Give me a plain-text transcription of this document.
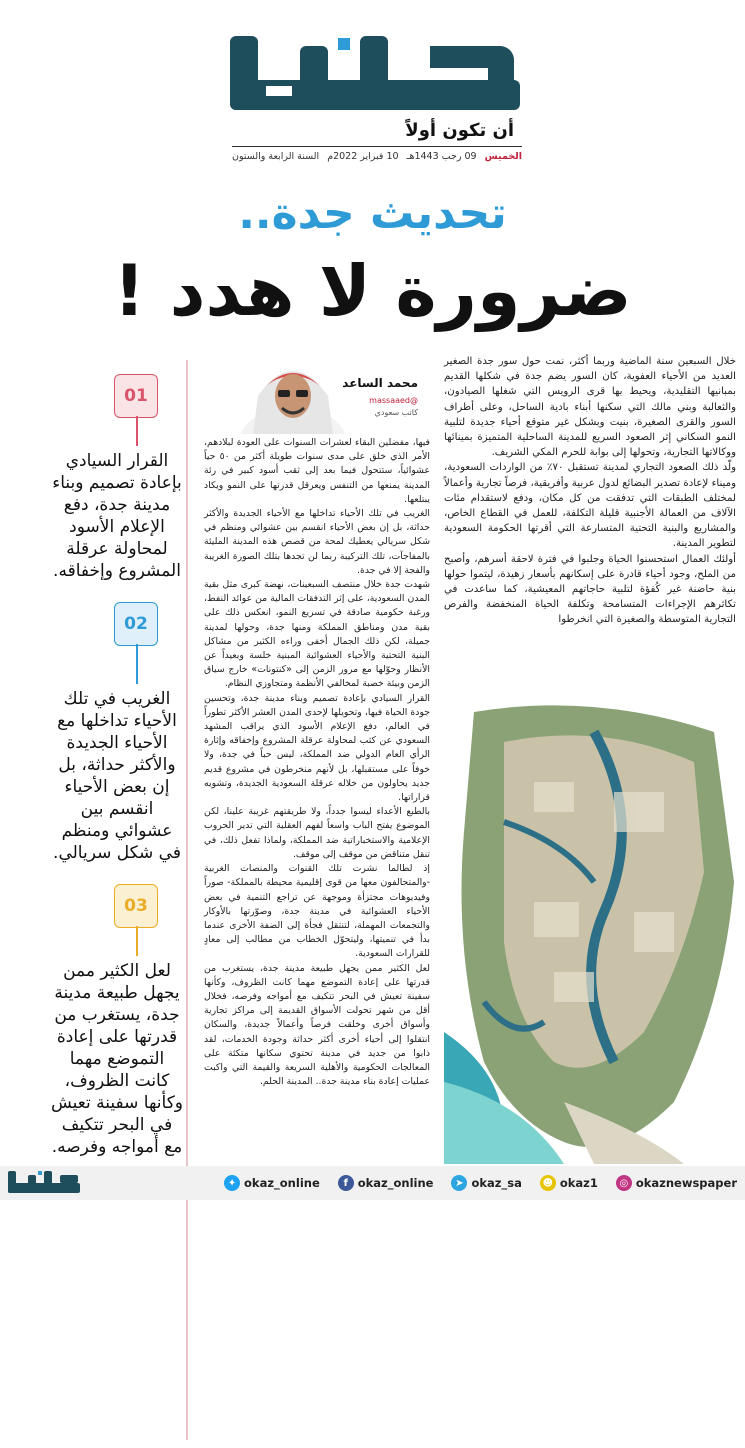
أن تكون أولاً
الخميس
09 رجب 1443هـ
10 فبراير 2022م
السنة الرابعة والستون
تحديث جدة..
ضرورة لا هدد !
محمد الساعد
@massaaed
كاتب سعودي
01
القرار السيادي بإعادة تصميم وبناء مدينة جدة، دفع الإعلام الأسود لمحاولة عرقلة المشروع وإخفاقه.
02
الغريب في تلك الأحياء تداخلها مع الأحياء الجديدة والأكثر حداثة، بل إن بعض الأحياء انقسم بين عشوائي ومنظم في شكل سريالي.
03
لعل الكثير ممن يجهل طبيعة مدينة جدة، يستغرب من قدرتها على إعادة التموضع مهما كانت الظروف، وكأنها سفينة تعيش في البحر تتكيف مع أمواجه وفرصه.

خلال السبعين سنة الماضية وربما أكثر، نمت حول سور جدة الصغير العديد من الأحياء العفوية، كان السور يضم جدة في شكلها القديم بمبانيها التقليدية، ويحيط بها قرى الرويس التي شغلها الصيادون، والثعالبة وبني مالك التي سكنها أبناء بادية الساحل، وعلى أطراف السور والقرى الصغيرة، بنيت وبشكل غير متوقع أحياء جديدة لتلبية النمو السكاني إثر الصعود السريع للمدينة الساحلية المتميزة بمينائها ووكالاتها التجارية، وتحولها إلى بوابة للحرم المكي الشريف.

ولّد ذلك الصعود التجاري لمدينة تستقبل ٧٠٪ من الواردات السعودية، وميناء لإعادة تصدير البضائع لدول عربية وأفريقية، فرصاً تجارية وأعمالاً لمختلف الطبقات التي تدفقت من كل مكان، ودفع لاستقدام مئات الآلاف من العمالة الأجنبية قليلة التكلفة، للعمل في القطاع الخاص، والمشاريع والبنية التحتية المتسارعة التي أقرتها الحكومة السعودية لتطوير المدينة.

أولئك العمال استحسنوا الحياة وجلبوا في فترة لاحقة أسرهم، وأصبح من الملح، وجود أحياء قادرة على إسكانهم بأسعار زهيدة، ليتموا حولها بنية حاضنة غير كُفؤة لتلبية حاجاتهم المعيشية، كما ساعدت في تكاثرهم الإجراءات المتسامحة وتكلفة الحياة المنخفضة والفرص التجارية المتوسطة والصغيرة التي انخرطوا

فيها، مفضلين البقاء لعشرات السنوات على العودة لبلادهم، الأمر الذي خلق على مدى سنوات طويلة أكثر من ٥٠ حياً عشوائياً، ستتحول فيما بعد إلى ثقب أسود كبير في رئة المدينة يمنعها من التنفس ويعرقل قدرتها على النمو ويكاد يبتلعها.

الغريب في تلك الأحياء تداخلها مع الأحياء الجديدة والأكثر حداثة، بل إن بعض الأحياء انقسم بين عشوائي ومنظم في شكل سريالي يعطيك لمحة من قصص هذه المدينة المليئة بالمفاجآت، تلك التركيبة ربما لن تجدها بتلك الصورة الغريبة والفجة إلا في جدة.

شهدت جدة خلال منتصف السبعينات، نهضة كبرى مثل بقية المدن السعودية، على إثر التدفقات المالية من عوائد النفط، ورغبة حكومية صادقة في تسريع النمو، انعكس ذلك على بقية مدن ومناطق المملكة ومنها جدة، وحولها لمدينة جميلة، لكن ذلك الجمال أخفى وراءه الكثير من مشاكل البنية التحتية والأحياء العشوائية المبنية خلسة وبعيداً عن الأنظار وحوّلها مع مرور الزمن إلى «كنتونات» خارج سياق الزمن وبيئة خصبة لمخالفي الأنظمة ومتجاوزي النظام.

القرار السيادي بإعادة تصميم وبناء مدينة جدة، وتحسين جودة الحياة فيها، وتحويلها لإحدى المدن العشر الأكثر تطوراً في العالم، دفع الإعلام الأسود الذي يراقب المشهد السعودي عن كثب لمحاولة عرقلة المشروع وإخفاقه وإثارة الرأي العام الدولي ضد المملكة، ليس حباً في جدة، ولا خوفاً على مستقبلها، بل لأنهم منخرطون في مشروع قديم جديد يحاولون من خلاله عرقلة السعودية الجديدة، وتشويه قراراتها.

بالطبع الأعداء ليسوا جدداً، ولا طريقتهم غريبة علينا، لكن الموضوع يفتح الباب واسعاً لفهم العقلية التي تدير الحروب الإعلامية والاستخباراتية ضد المملكة، ولماذا تفعل ذلك، في تنقل متناقض من موقف إلى موقف.

إذ لطالما نشرت تلك القنوات والمنصات الغربية -والمتحالفون معها من قوى إقليمية محيطة بالمملكة- صوراً وفيديوهات مجتزأة وموجهة عن تراجع التنمية في بعض الأحياء العشوائية في مدينة جدة، وصوّرتها بالأوكار والتجمعات المهملة، لتنتقل فجأة إلى الضفة الأخرى عندما بدأ في تنميتها، وليتحوّل الخطاب من مطالب إلى معادٍ للقرارات السعودية.

لعل الكثير ممن يجهل طبيعة مدينة جدة، يستغرب من قدرتها على إعادة التموضع مهما كانت الظروف، وكأنها سفينة تعيش في البحر تتكيف مع أمواجه وفرصه، فخلال أقل من شهر تحولت الأسواق القديمة إلى مراكز تجارية وأسواق أخرى وخلقت فرصاً وأعمالاً جديدة، والسكان انتقلوا إلى أحياء أخرى أكثر حداثة وجودة الخدمات، لقد ذابوا من جديد في مدينة تحتوي سكانها متكئة على المعالجات الحكومية والأهلية السريعة والقيمة التي واكبت عمليات إعادة بناء مدينة جدة.. المدينة الحلم.

✦ okaz_online	f okaz_online	➤ okaz_sa ☻ okaz1	◎ okaznewspaper
